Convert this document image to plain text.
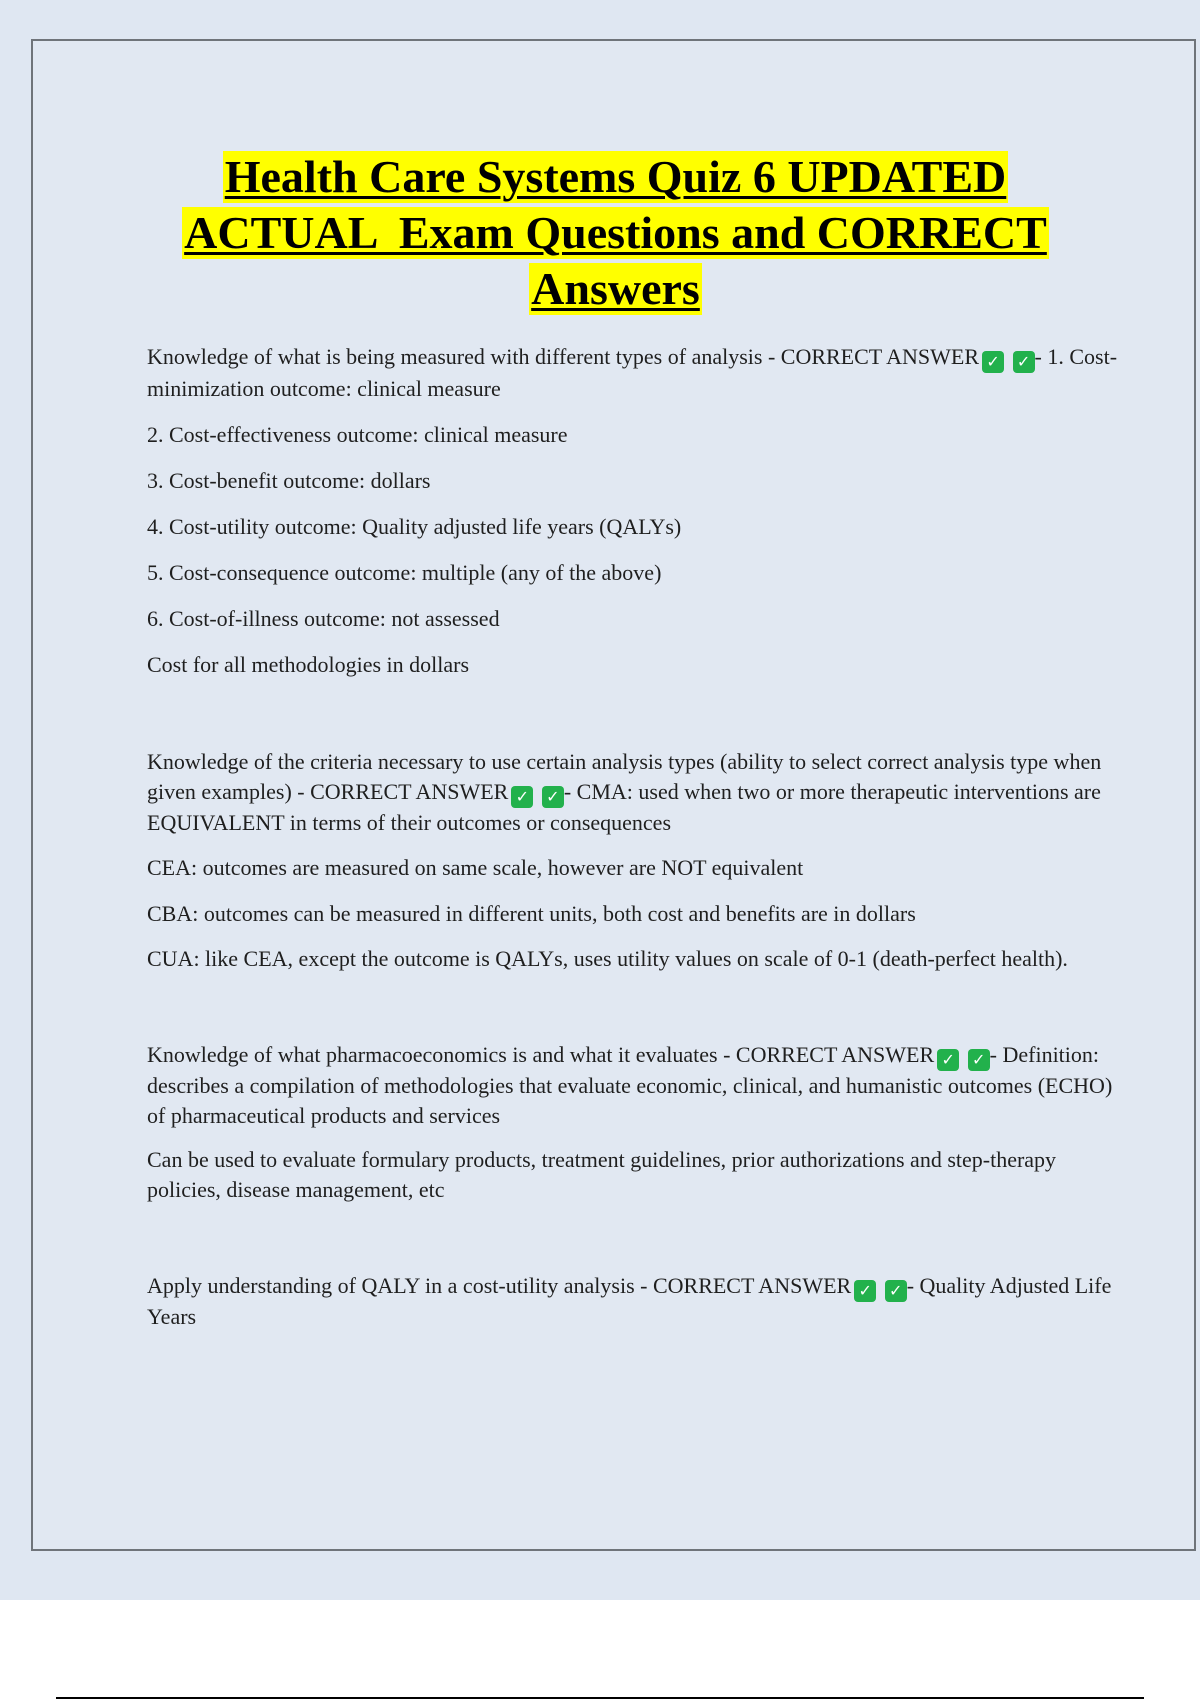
Health Care Systems Quiz 6 UPDATED
ACTUAL  Exam Questions and CORRECT
Answers

Knowledge of what is being measured with different types of analysis - CORRECT ANSWER ✓ ✓ - 1. Cost-minimization outcome: clinical measure

2. Cost-effectiveness outcome: clinical measure

3. Cost-benefit outcome: dollars

4. Cost-utility outcome: Quality adjusted life years (QALYs)

5. Cost-consequence outcome: multiple (any of the above)

6. Cost-of-illness outcome: not assessed

Cost for all methodologies in dollars

Knowledge of the criteria necessary to use certain analysis types (ability to select correct analysis type when given examples) - CORRECT ANSWER ✓ ✓ - CMA: used when two or more therapeutic interventions are EQUIVALENT in terms of their outcomes or consequences

CEA: outcomes are measured on same scale, however are NOT equivalent

CBA: outcomes can be measured in different units, both cost and benefits are in dollars

CUA: like CEA, except the outcome is QALYs, uses utility values on scale of 0-1 (death-perfect health).

Knowledge of what pharmacoeconomics is and what it evaluates - CORRECT ANSWER ✓ ✓ - Definition: describes a compilation of methodologies that evaluate economic, clinical, and humanistic outcomes (ECHO) of pharmaceutical products and services

Can be used to evaluate formulary products, treatment guidelines, prior authorizations and step-therapy policies, disease management, etc

Apply understanding of QALY in a cost-utility analysis - CORRECT ANSWER ✓ ✓ - Quality Adjusted Life Years
